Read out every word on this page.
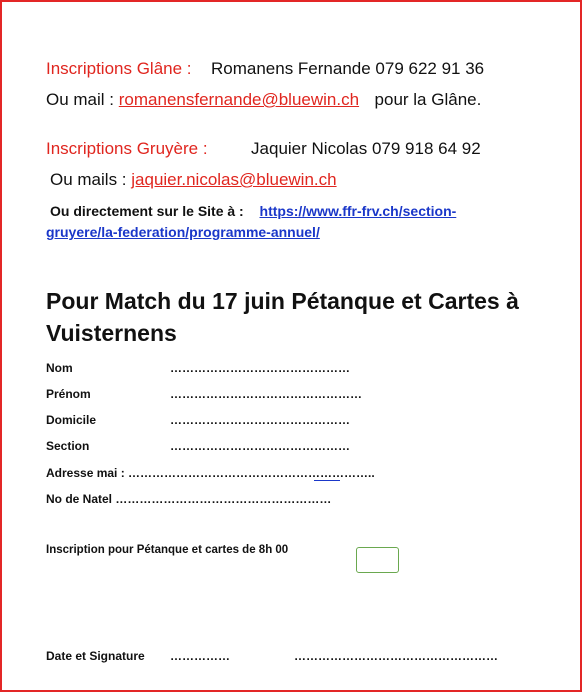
Inscriptions Glâne : Romanens Fernande 079 622 91 36
Ou mail : romanensfernande@bluewin.ch pour la Glâne.
Inscriptions Gruyère :	Jaquier Nicolas 079 918 64 92
Ou mails : jaquier.nicolas@bluewin.ch
Ou directement sur le Site à : https://www.ffr-frv.ch/section-
gruyere/la-federation/programme-annuel/
Pour Match du 17 juin Pétanque et Cartes à Vuisternens
Nom	………………………………………
Prénom	…………………………………………
Domicile	………………………………………
Section	………………………………………
Adresse mai : ……………………………………………………..
No de Natel ………………………………………………
Inscription pour Pétanque et cartes de 8h 00
Date et Signature ……………	……………………………………………
